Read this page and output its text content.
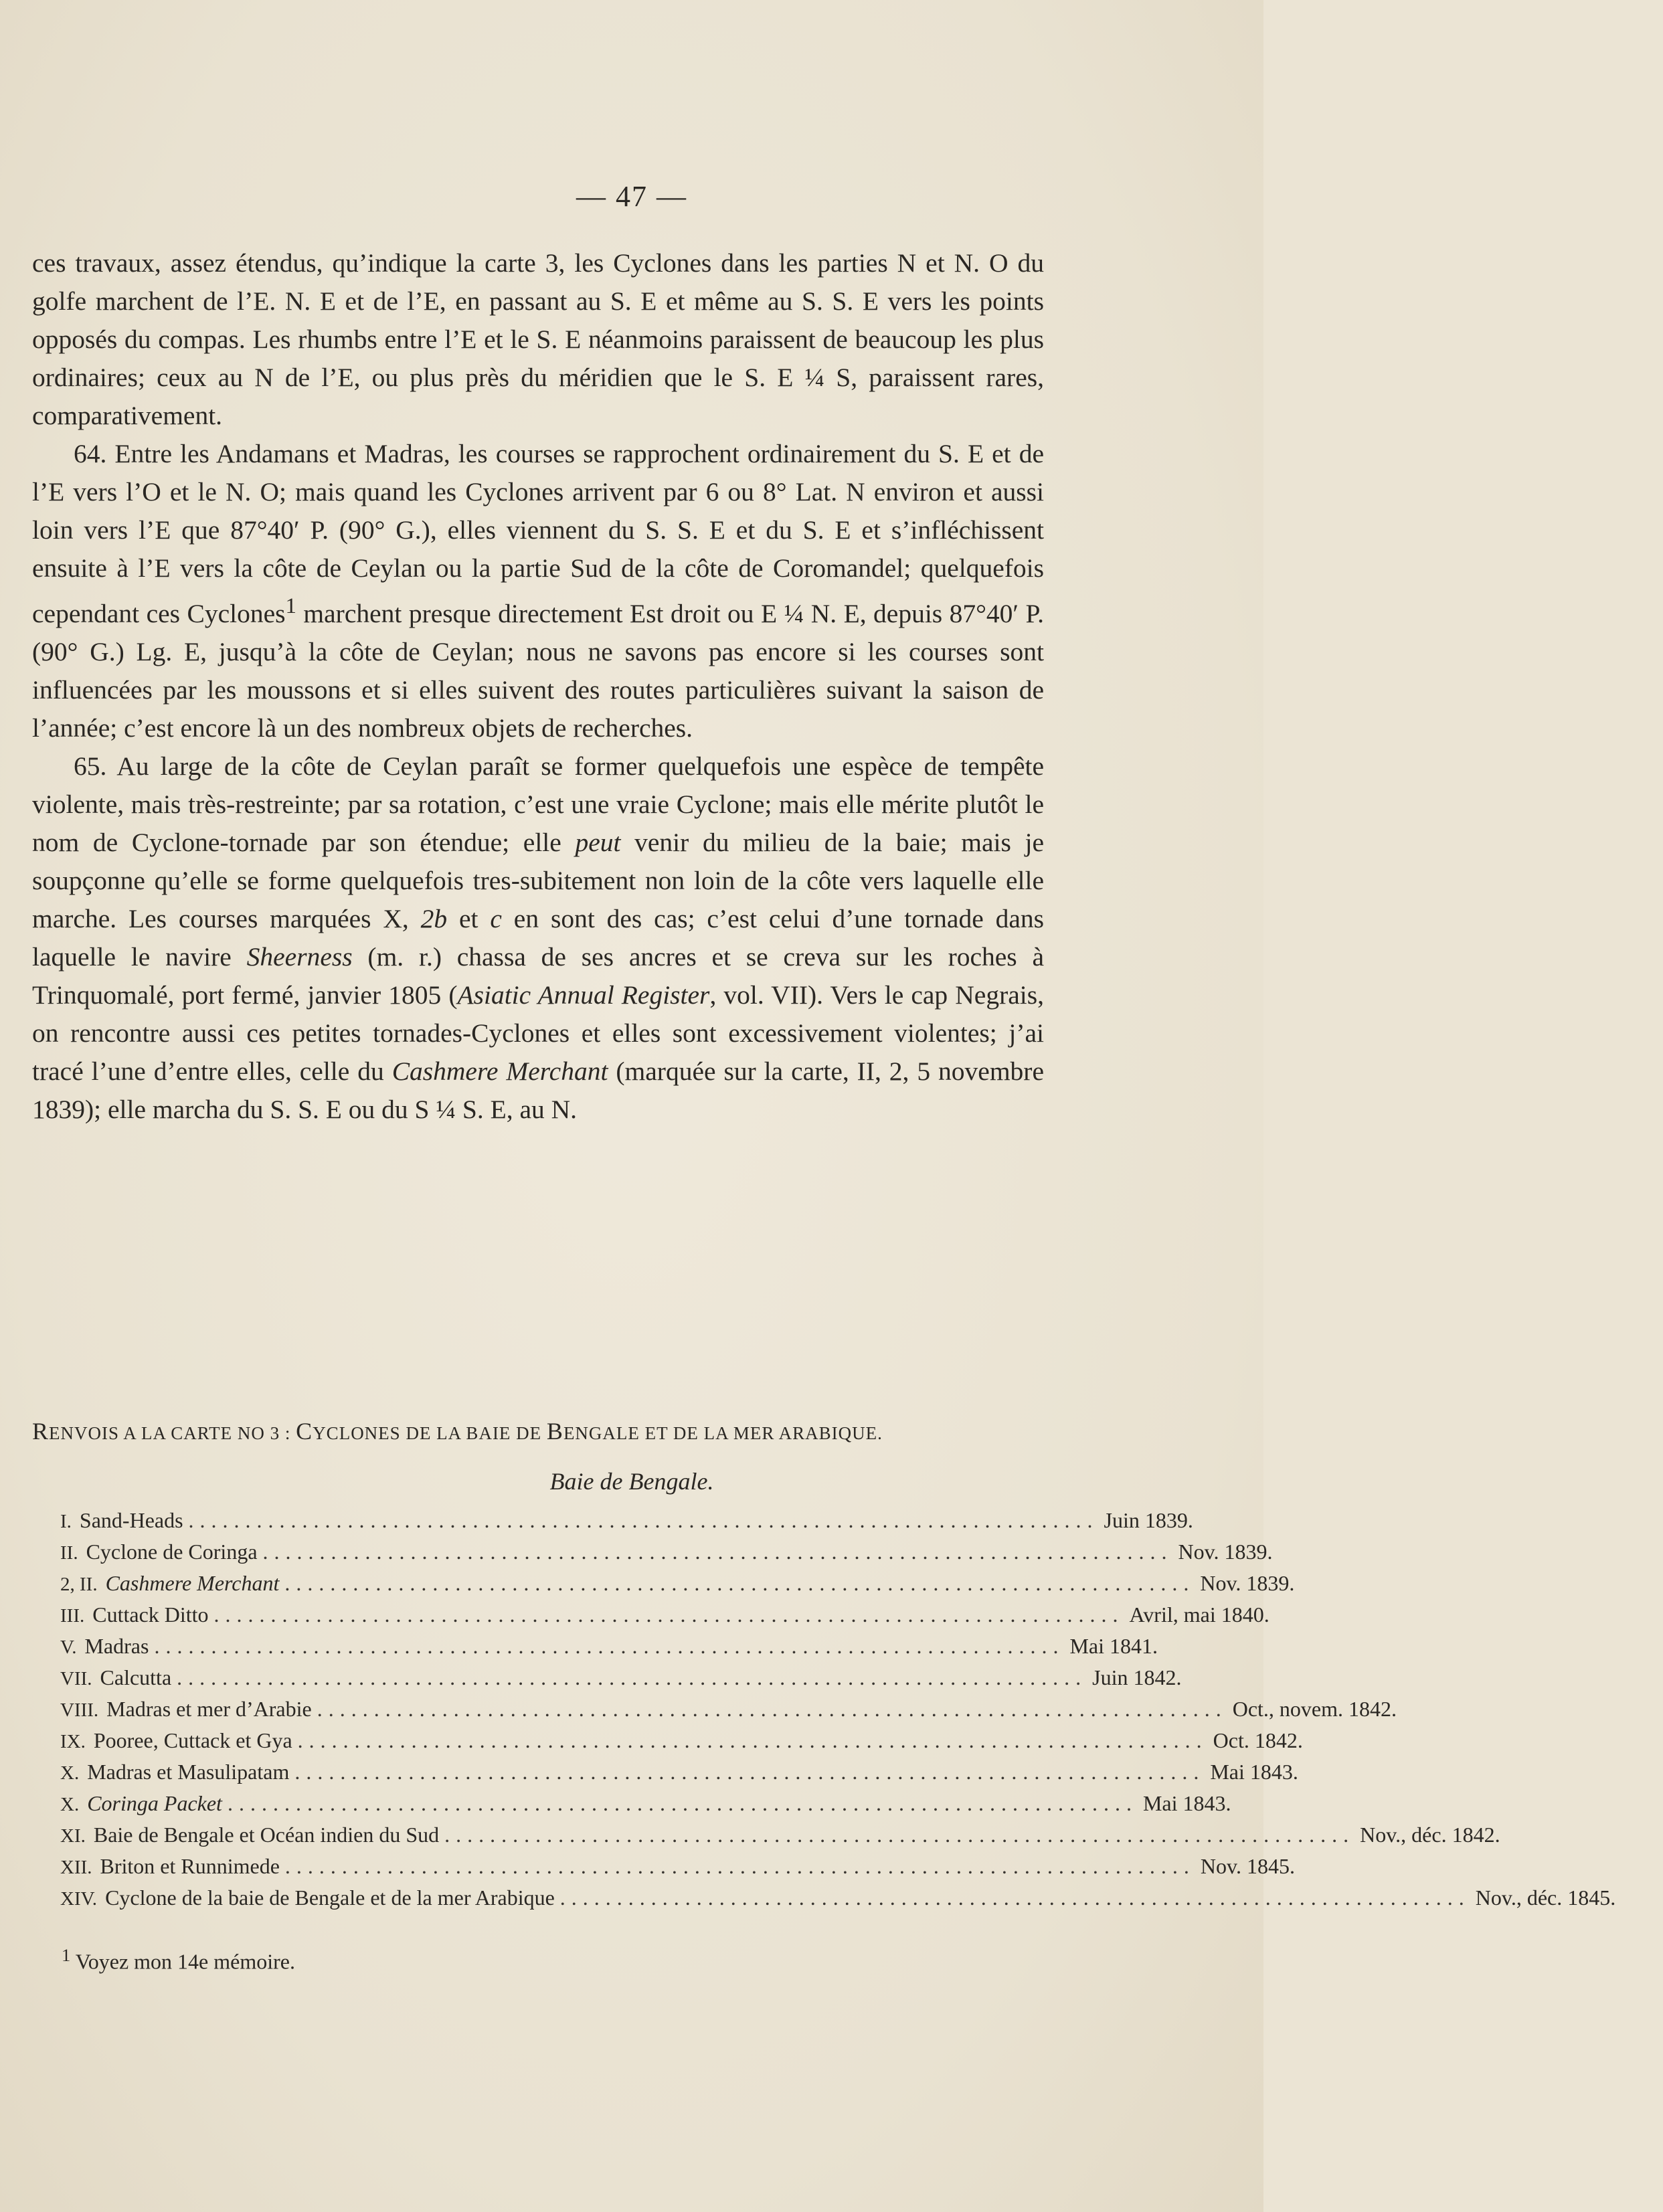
— 47 —

ces travaux, assez étendus, qu’indique la carte 3, les Cyclones dans les parties N et N. O du golfe marchent de l’E. N. E et de l’E, en passant au S. E et même au S. S. E vers les points opposés du compas. Les rhumbs entre l’E et le S. E néanmoins paraissent de beaucoup les plus ordinaires; ceux au N de l’E, ou plus près du méridien que le S. E ¼ S, paraissent rares, comparativement.

64. Entre les Andamans et Madras, les courses se rapprochent ordinairement du S. E et de l’E vers l’O et le N. O; mais quand les Cyclones arrivent par 6 ou 8° Lat. N environ et aussi loin vers l’E que 87°40′ P. (90° G.), elles viennent du S. S. E et du S. E et s’infléchissent ensuite à l’E vers la côte de Ceylan ou la partie Sud de la côte de Coromandel; quelquefois cependant ces Cyclones$^1$ marchent presque directement Est droit ou E ¼ N. E, depuis 87°40′ P. (90° G.) Lg. E, jusqu’à la côte de Ceylan; nous ne savons pas encore si les courses sont influencées par les moussons et si elles suivent des routes particulières suivant la saison de l’année; c’est encore là un des nombreux objets de recherches.

65. Au large de la côte de Ceylan paraît se former quelquefois une espèce de tempête violente, mais très-restreinte; par sa rotation, c’est une vraie Cyclone; mais elle mérite plutôt le nom de Cyclone-tornade par son étendue; elle peut venir du milieu de la baie; mais je soupçonne qu’elle se forme quelquefois tres-subitement non loin de la côte vers laquelle elle marche. Les courses marquées X, 2b et c en sont des cas; c’est celui d’une tornade dans laquelle le navire Sheerness (m. r.) chassa de ses ancres et se creva sur les roches à Trinquomalé, port fermé, janvier 1805 (Asiatic Annual Register, vol. VII). Vers le cap Negrais, on rencontre aussi ces petites tornades-Cyclones et elles sont excessivement violentes; j’ai tracé l’une d’entre elles, celle du Cashmere Merchant (marquée sur la carte, II, 2, 5 novembre 1839); elle marcha du S. S. E ou du S ¼ S. E, au N.

RENVOIS A LA CARTE NO 3 : CYCLONES DE LA BAIE DE BENGALE ET DE LA MER ARABIQUE.
Baie de Bengale.
I. Sand-Heads ................................................................................ Juin 1839.
II. Cyclone de Coringa ................................................................................ Nov. 1839.
2, II. Cashmere Merchant ................................................................................ Nov. 1839.
III. Cuttack Ditto ................................................................................ Avril, mai 1840.
V. Madras ................................................................................ Mai 1841.
VII. Calcutta ................................................................................ Juin 1842.
VIII. Madras et mer d’Arabie ................................................................................ Oct., novem. 1842.
IX. Pooree, Cuttack et Gya ................................................................................ Oct. 1842.
X. Madras et Masulipatam ................................................................................ Mai 1843.
X. Coringa Packet ................................................................................ Mai 1843.
XI. Baie de Bengale et Océan indien du Sud ................................................................................ Nov., déc. 1842.
XII. Briton et Runnimede ................................................................................ Nov. 1845.
XIV. Cyclone de la baie de Bengale et de la mer Arabique ................................................................................ Nov., déc. 1845.
$^1$ Voyez mon 14e mémoire.
